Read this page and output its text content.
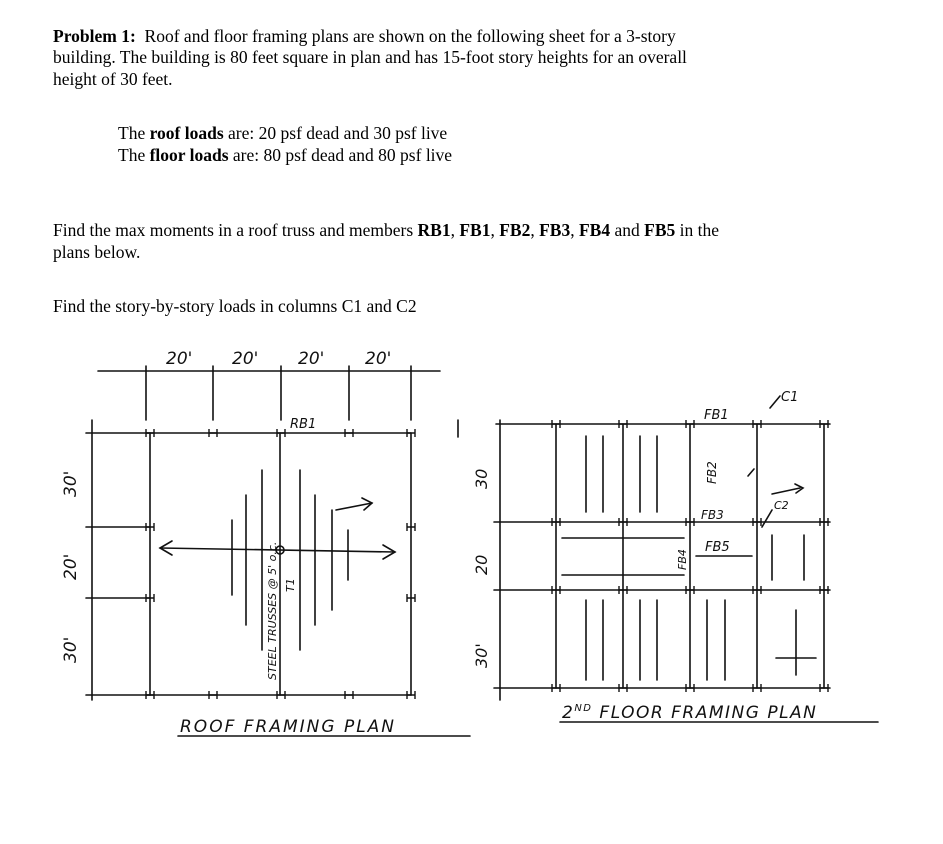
Problem 1: Roof and floor framing plans are shown on the following sheet for a 3-story

building. The building is 80 feet square in plan and has 15-foot story heights for an overall

height of 30 feet.

The roof loads are: 20 psf dead and 30 psf live

The floor loads are: 80 psf dead and 80 psf live

Find the max moments in a roof truss and members RB1, FB1, FB2, FB3, FB4 and FB5 in the

plans below.

Find the story-by-story loads in columns C1 and C2

20' 20' 20' 20'
30'
20'
30'
RB1
STEEL TRUSSES @ 5' o.c. T1
ROOF FRAMING PLAN
30
20
30'
FB1
C1
FB2
FB3
C2
FB4
FB5
2ND FLOOR FRAMING PLAN
